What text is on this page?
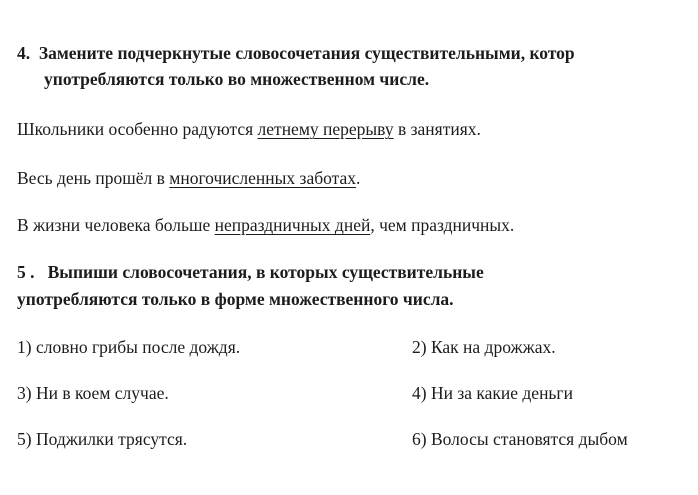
4. Замените подчеркнутые словосочетания существительными, котор
употребляются только во множественном числе.
Школьники особенно радуются летнему перерыву в занятиях.
Весь день прошёл в многочисленных заботах.
В жизни человека больше непраздничных дней, чем праздничных.
5 . Выпиши словосочетания, в которых существительные
употребляются только в форме множественного числа.
1) словно грибы после дождя.	2) Как на дрожжах.
3) Ни в коем случае.	4) Ни за какие деньги
5) Поджилки трясутся.	6) Волосы становятся дыбом
